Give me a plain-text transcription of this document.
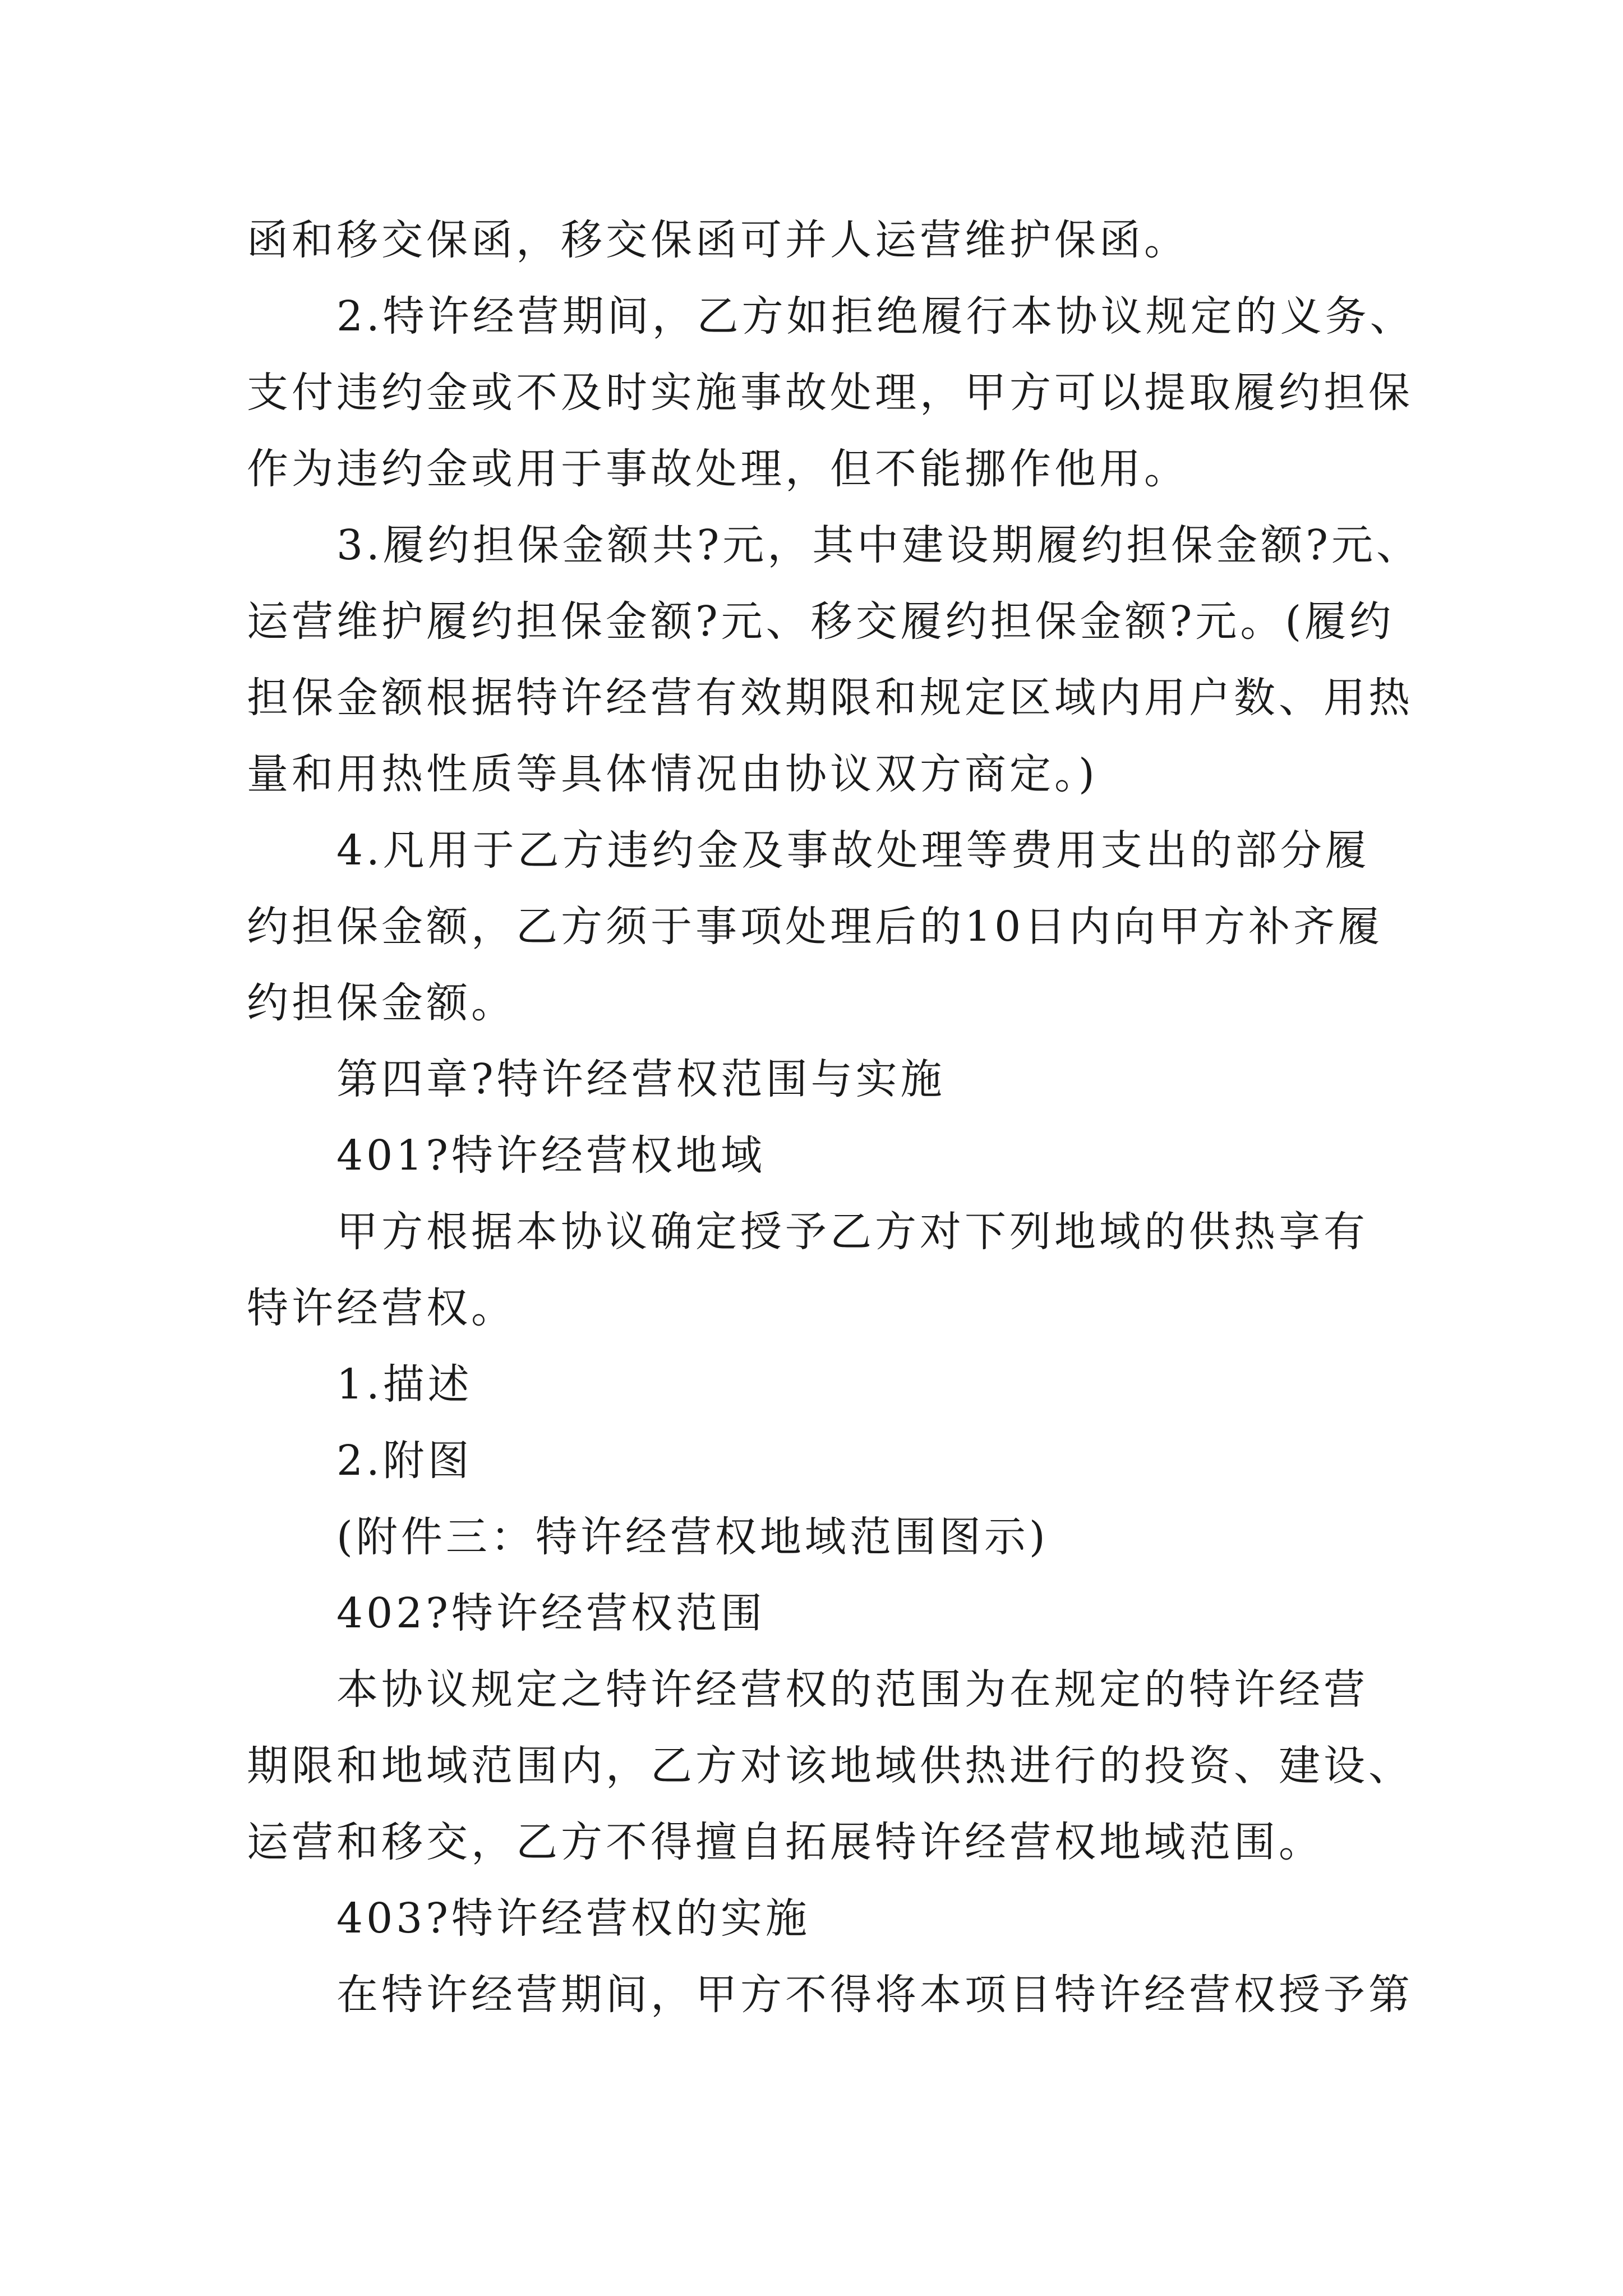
函和移交保函，移交保函可并人运营维护保函。
2.特许经营期间，乙方如拒绝履行本协议规定的义务、
支付违约金或不及时实施事故处理，甲方可以提取履约担保
作为违约金或用于事故处理，但不能挪作他用。
3.履约担保金额共?元，其中建设期履约担保金额?元、
运营维护履约担保金额?元、移交履约担保金额?元。(履约
担保金额根据特许经营有效期限和规定区域内用户数、用热
量和用热性质等具体情况由协议双方商定。)
4.凡用于乙方违约金及事故处理等费用支出的部分履
约担保金额，乙方须于事项处理后的10日内向甲方补齐履
约担保金额。
第四章?特许经营权范围与实施
401?特许经营权地域
甲方根据本协议确定授予乙方对下列地域的供热享有
特许经营权。
1.描述
2.附图
(附件三：特许经营权地域范围图示)
402?特许经营权范围
本协议规定之特许经营权的范围为在规定的特许经营
期限和地域范围内，乙方对该地域供热进行的投资、建设、
运营和移交，乙方不得擅自拓展特许经营权地域范围。
403?特许经营权的实施
在特许经营期间，甲方不得将本项目特许经营权授予第
